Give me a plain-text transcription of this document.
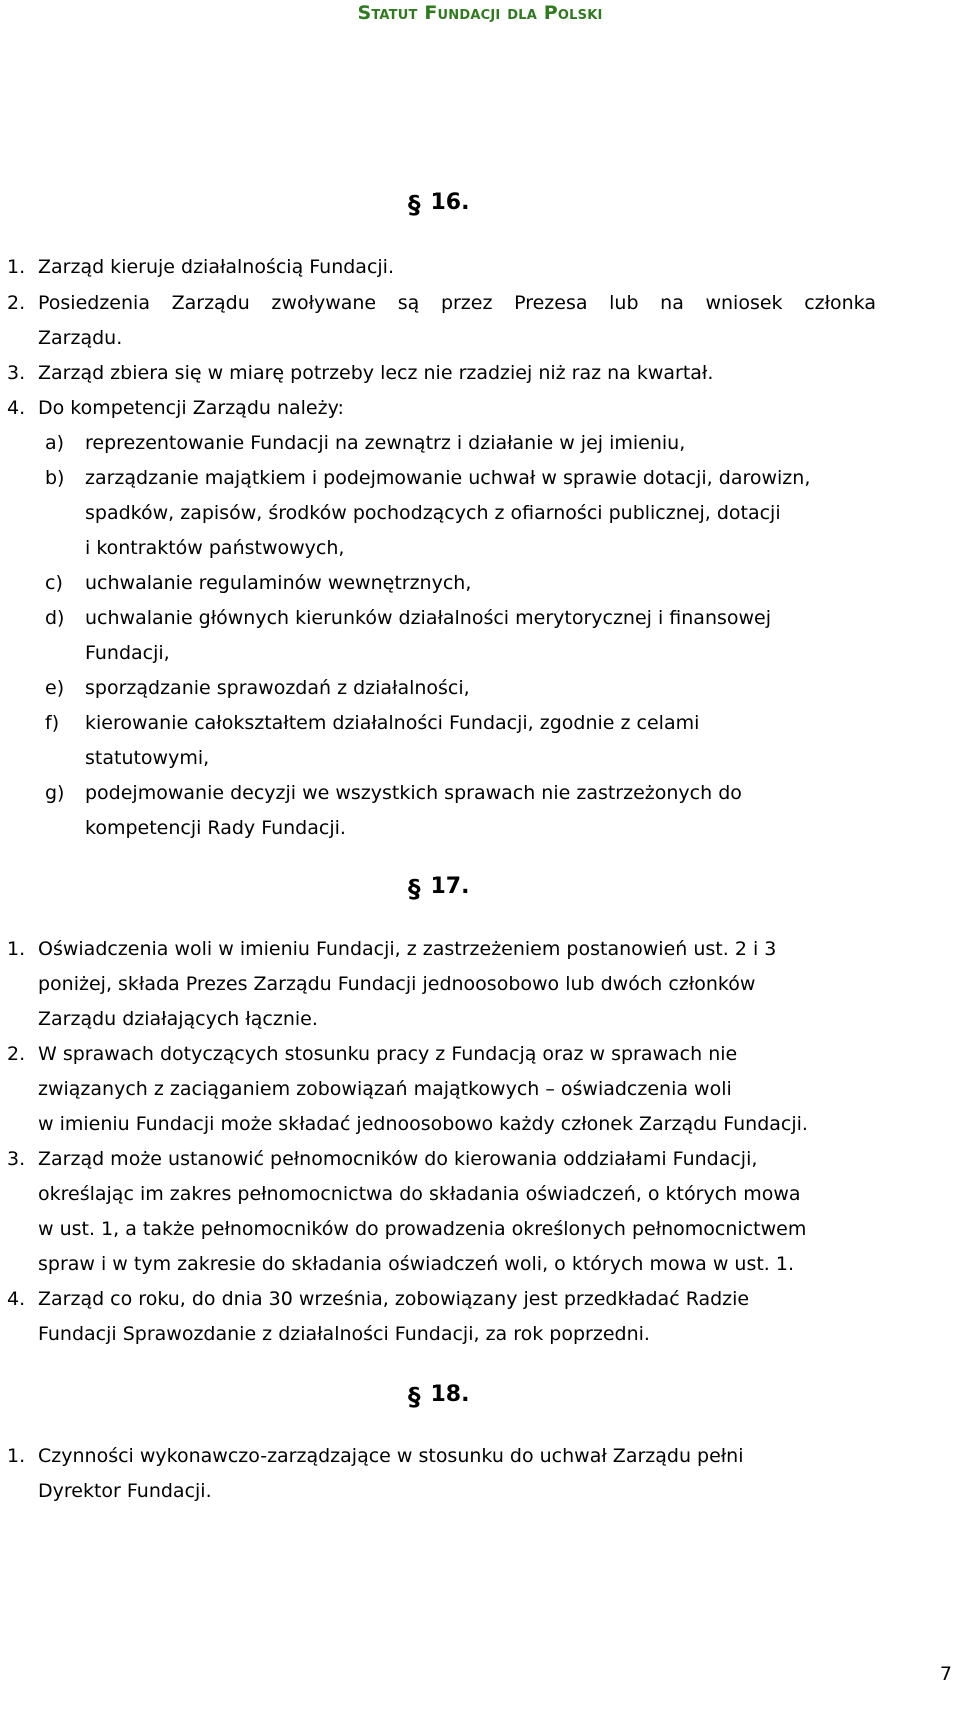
Statut Fundacji dla Polski
§ 16.
1. Zarząd kieruje działalnością Fundacji.
2. Posiedzenia Zarządu zwoływane są przez Prezesa lub na wniosek członka
Zarządu.
3. Zarząd zbiera się w miarę potrzeby lecz nie rzadziej niż raz na kwartał.
4. Do kompetencji Zarządu należy:
a) reprezentowanie Fundacji na zewnątrz i działanie w jej imieniu,
b) zarządzanie majątkiem i podejmowanie uchwał w sprawie dotacji, darowizn,
spadków, zapisów, środków pochodzących z ofiarności publicznej, dotacji
i kontraktów państwowych,
c) uchwalanie regulaminów wewnętrznych,
d) uchwalanie głównych kierunków działalności merytorycznej i finansowej
Fundacji,
e) sporządzanie sprawozdań z działalności,
f) kierowanie całokształtem działalności Fundacji, zgodnie z celami
statutowymi,
g) podejmowanie decyzji we wszystkich sprawach nie zastrzeżonych do
kompetencji Rady Fundacji.
§ 17.
1. Oświadczenia woli w imieniu Fundacji, z zastrzeżeniem postanowień ust. 2 i 3
poniżej, składa Prezes Zarządu Fundacji jednoosobowo lub dwóch członków
Zarządu działających łącznie.
2. W sprawach dotyczących stosunku pracy z Fundacją oraz w sprawach nie
związanych z zaciąganiem zobowiązań majątkowych – oświadczenia woli
w imieniu Fundacji może składać jednoosobowo każdy członek Zarządu Fundacji.
3. Zarząd może ustanowić pełnomocników do kierowania oddziałami Fundacji,
określając im zakres pełnomocnictwa do składania oświadczeń, o których mowa
w ust. 1, a także pełnomocników do prowadzenia określonych pełnomocnictwem
spraw i w tym zakresie do składania oświadczeń woli, o których mowa w ust. 1.
4. Zarząd co roku, do dnia 30 września, zobowiązany jest przedkładać Radzie
Fundacji Sprawozdanie z działalności Fundacji, za rok poprzedni.
§ 18.
1. Czynności wykonawczo-zarządzające w stosunku do uchwał Zarządu pełni
Dyrektor Fundacji.
7
